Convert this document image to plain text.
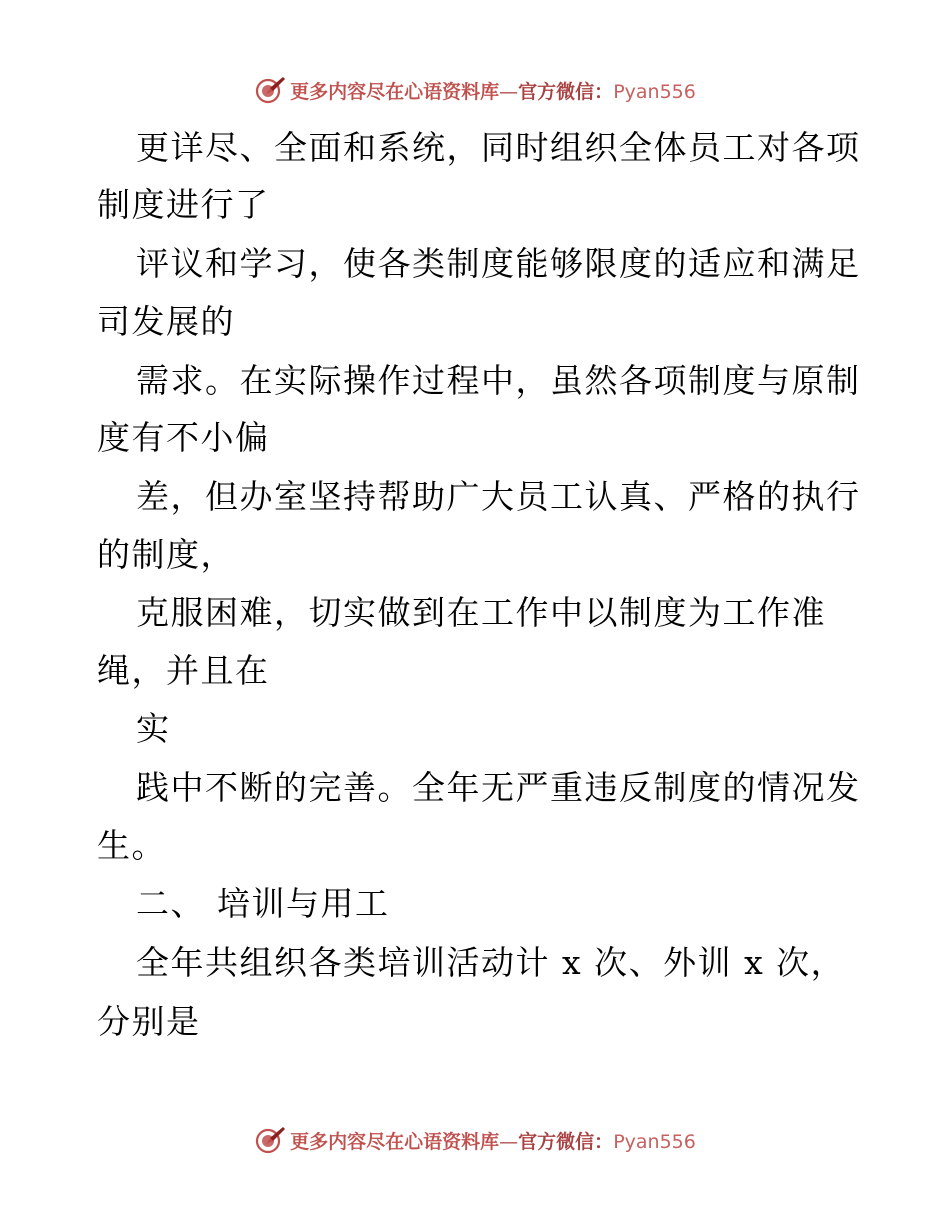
更多内容尽在心语资料库—官方微信：Pyan556
更详尽、全面和系统，同时组织全体员工对各项
制度进行了
评议和学习，使各类制度能够限度的适应和满足
司发展的
需求。在实际操作过程中，虽然各项制度与原制
度有不小偏
差，但办室坚持帮助广大员工认真、严格的执行
的制度，
克服困难，切实做到在工作中以制度为工作准
绳，并且在
实
践中不断的完善。全年无严重违反制度的情况发
生。
二、 培训与用工
全年共组织各类培训活动计 x 次、外训 x 次，
分别是
更多内容尽在心语资料库—官方微信：Pyan556
